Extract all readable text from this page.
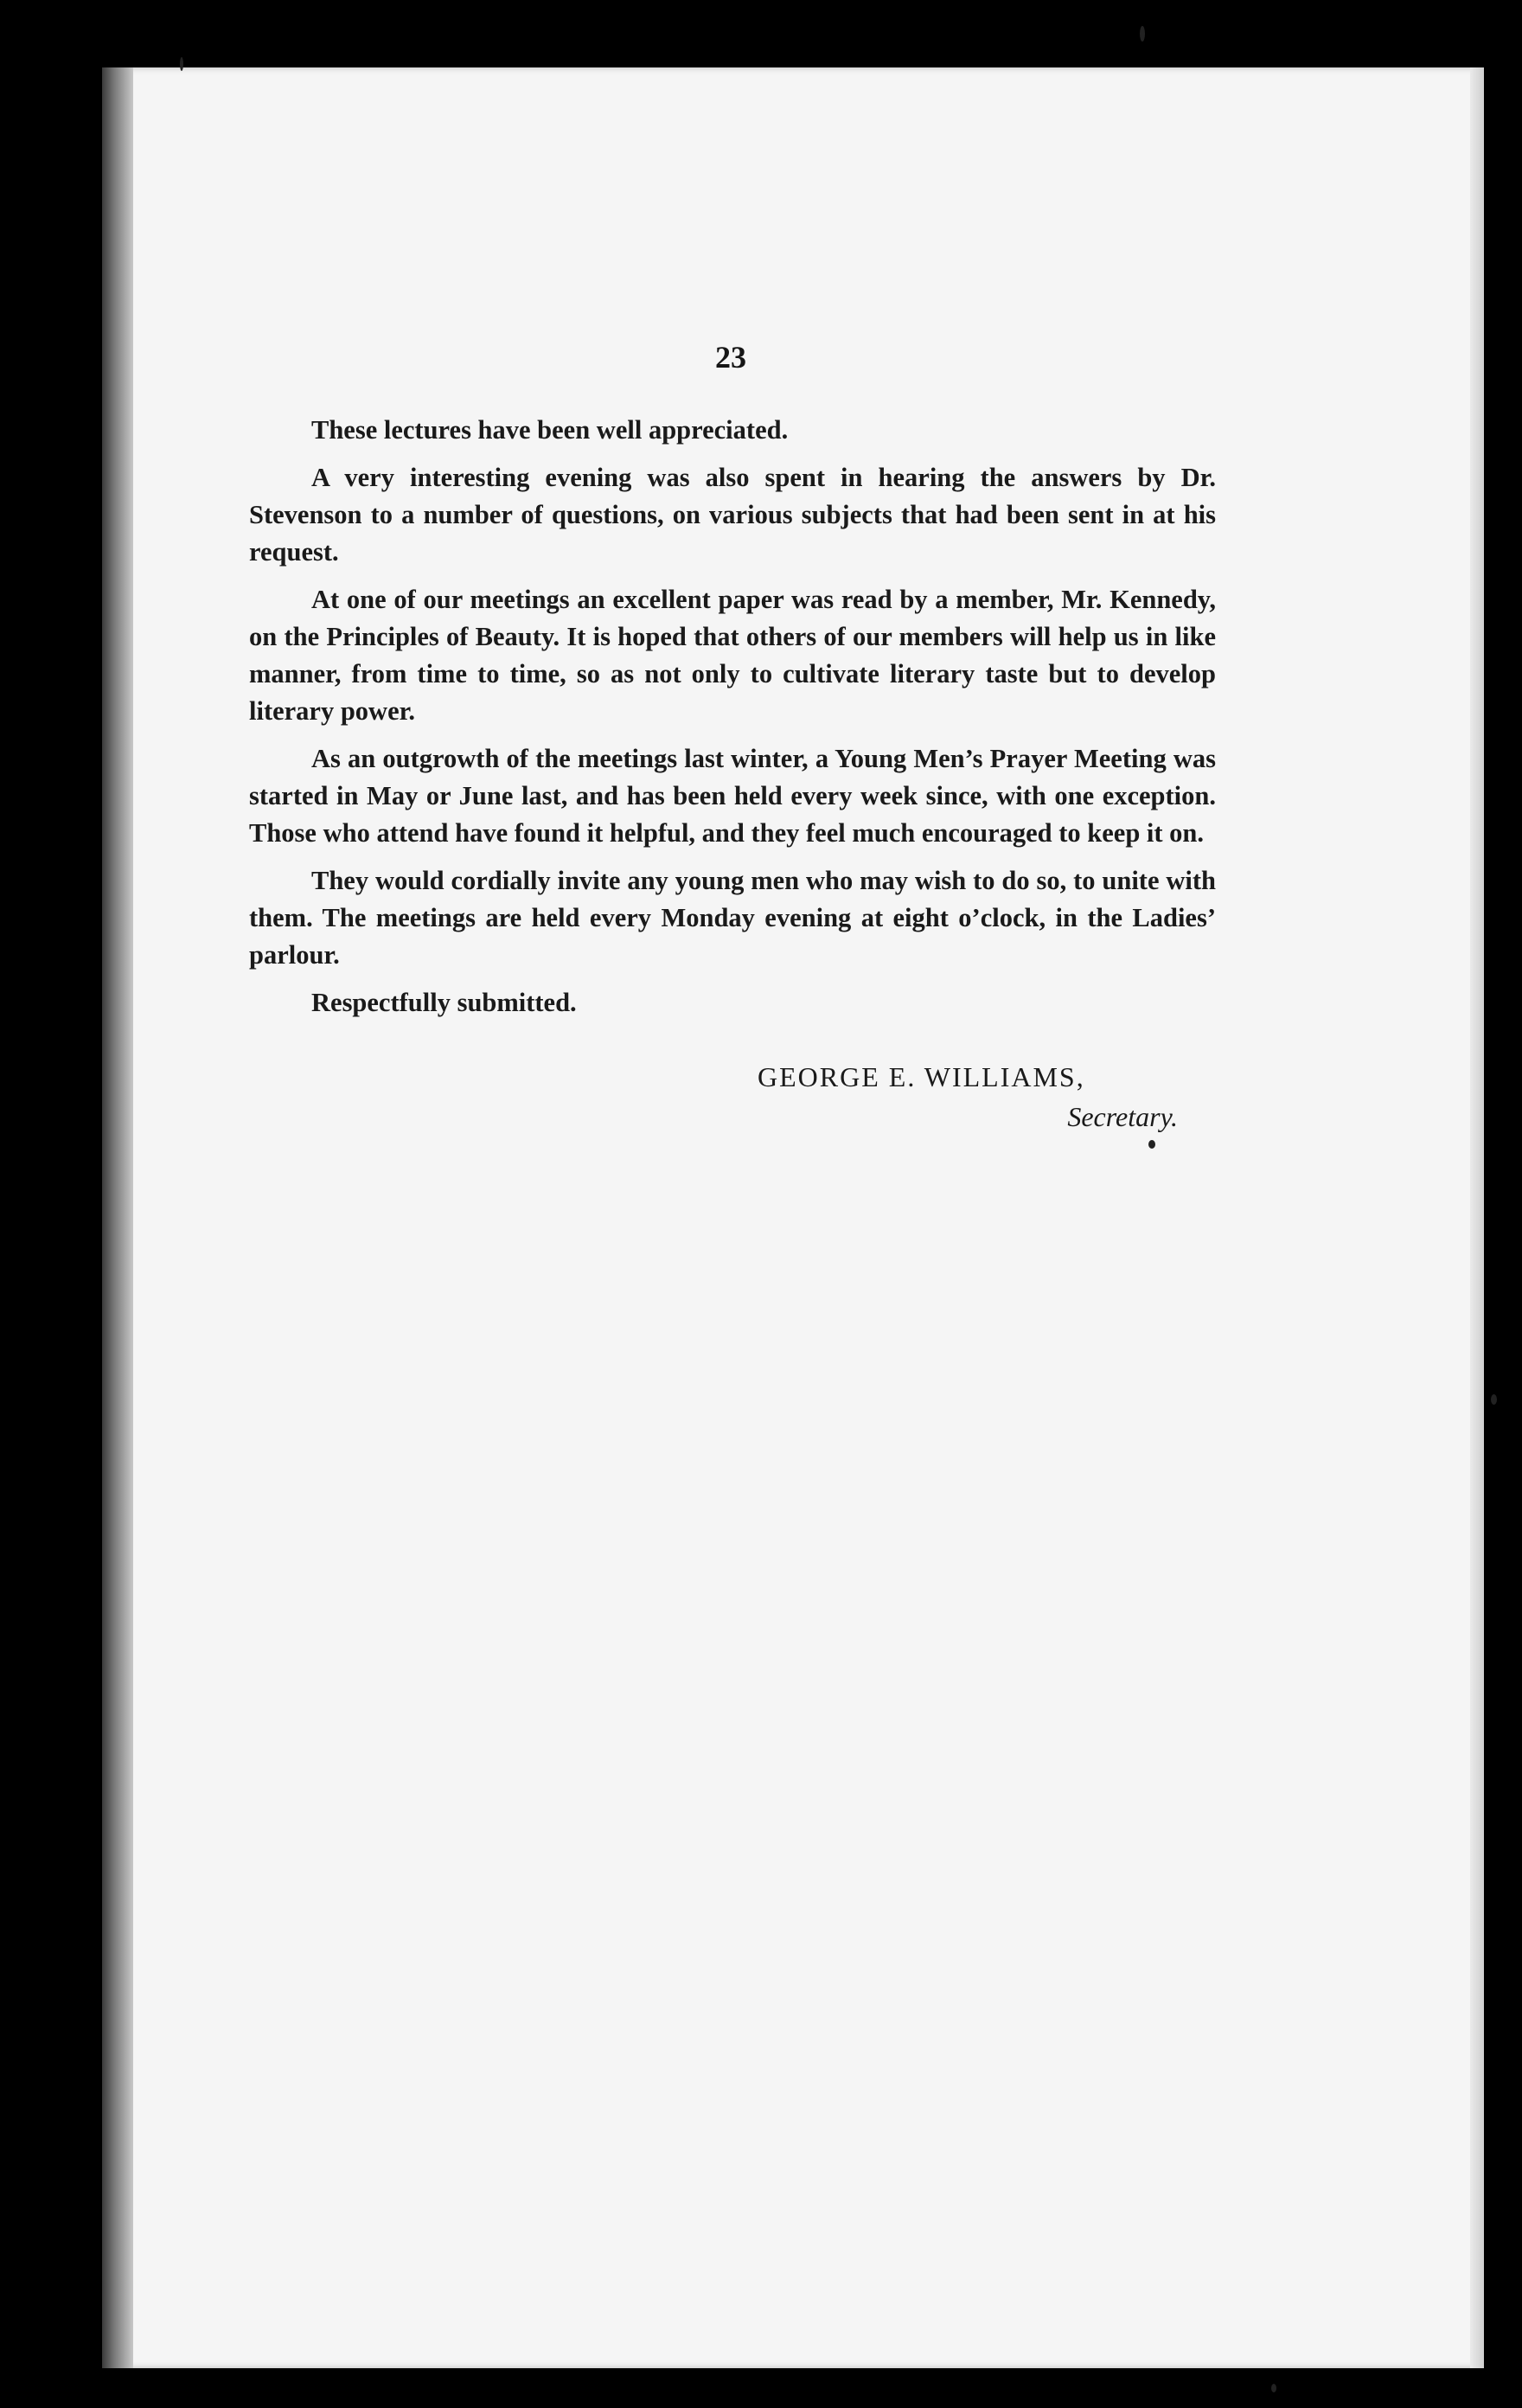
23

These lectures have been well appreciated.

A very interesting evening was also spent in hearing the answers by Dr. Stevenson to a number of questions, on various subjects that had been sent in at his request.

At one of our meetings an excellent paper was read by a member, Mr. Kennedy, on the Principles of Beauty. It is hoped that others of our members will help us in like manner, from time to time, so as not only to cultivate literary taste but to develop literary power.

As an outgrowth of the meetings last winter, a Young Men’s Prayer Meeting was started in May or June last, and has been held every week since, with one exception. Those who attend have found it helpful, and they feel much encouraged to keep it on.

They would cordially invite any young men who may wish to do so, to unite with them. The meetings are held every Monday evening at eight o’clock, in the Ladies’ parlour.

Respectfully submitted.

GEORGE E. WILLIAMS,
Secretary.
